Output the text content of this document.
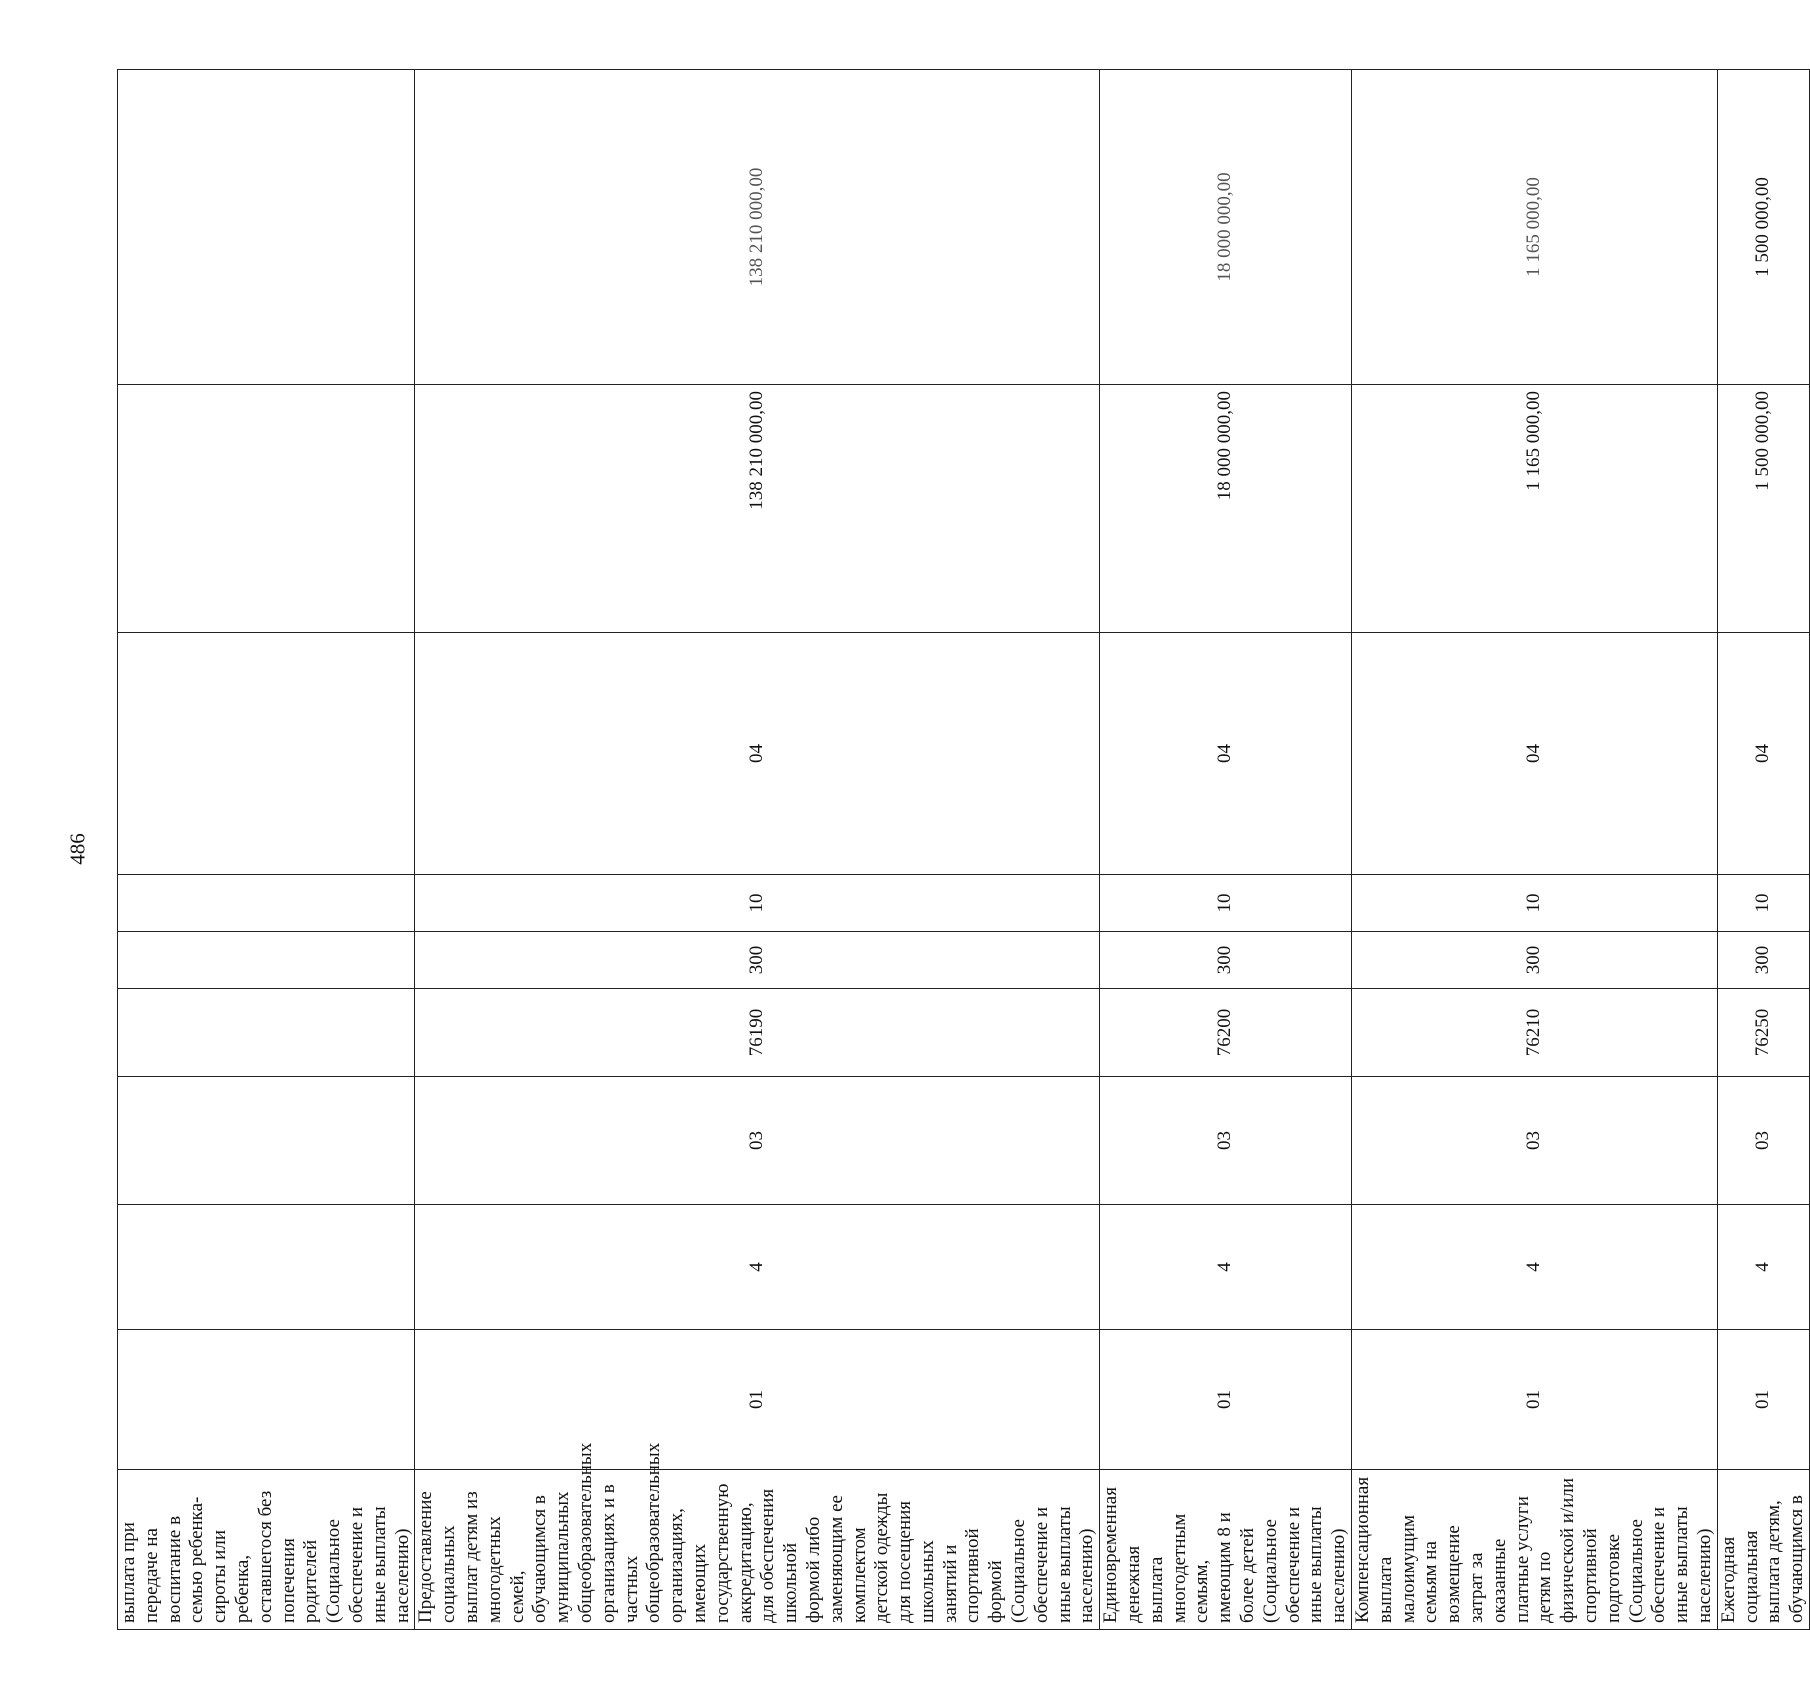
486
выплата при передаче на воспитание в семью ребенка-сироты или ребенка, оставшегося без попечения родителей (Социальное обеспечение и иные выплаты населению)										
Предоставление социальных выплат детям из многодетных семей, обучающимся в муниципальных общеобразовательных организациях и в частных общеобразовательных организациях, имеющих государственную аккредитацию, для обеспечения школьной формой либо заменяющим ее комплектом детской одежды для посещения школьных занятий и спортивной формой (Социальное обеспечение и иные выплаты населению)	01	4	03	76190	300	10	04	138 210 000,00	138 210 000,00	
Единовременная денежная выплата многодетным семьям, имеющим 8 и более детей (Социальное обеспечение и иные выплаты населению)	01	4	03	76200	300	10	04	18 000 000,00	18 000 000,00	
Компенсационная выплата малоимущим семьям на возмещение затрат за оказанные платные услуги детям по физической и/или спортивной подготовке (Социальное обеспечение и иные выплаты населению)	01	4	03	76210	300	10	04	1 165 000,00	1 165 000,00	
Ежегодная социальная выплата детям, обучающимся в	01	4	03	76250	300	10	04	1 500 000,00	1 500 000,00	
